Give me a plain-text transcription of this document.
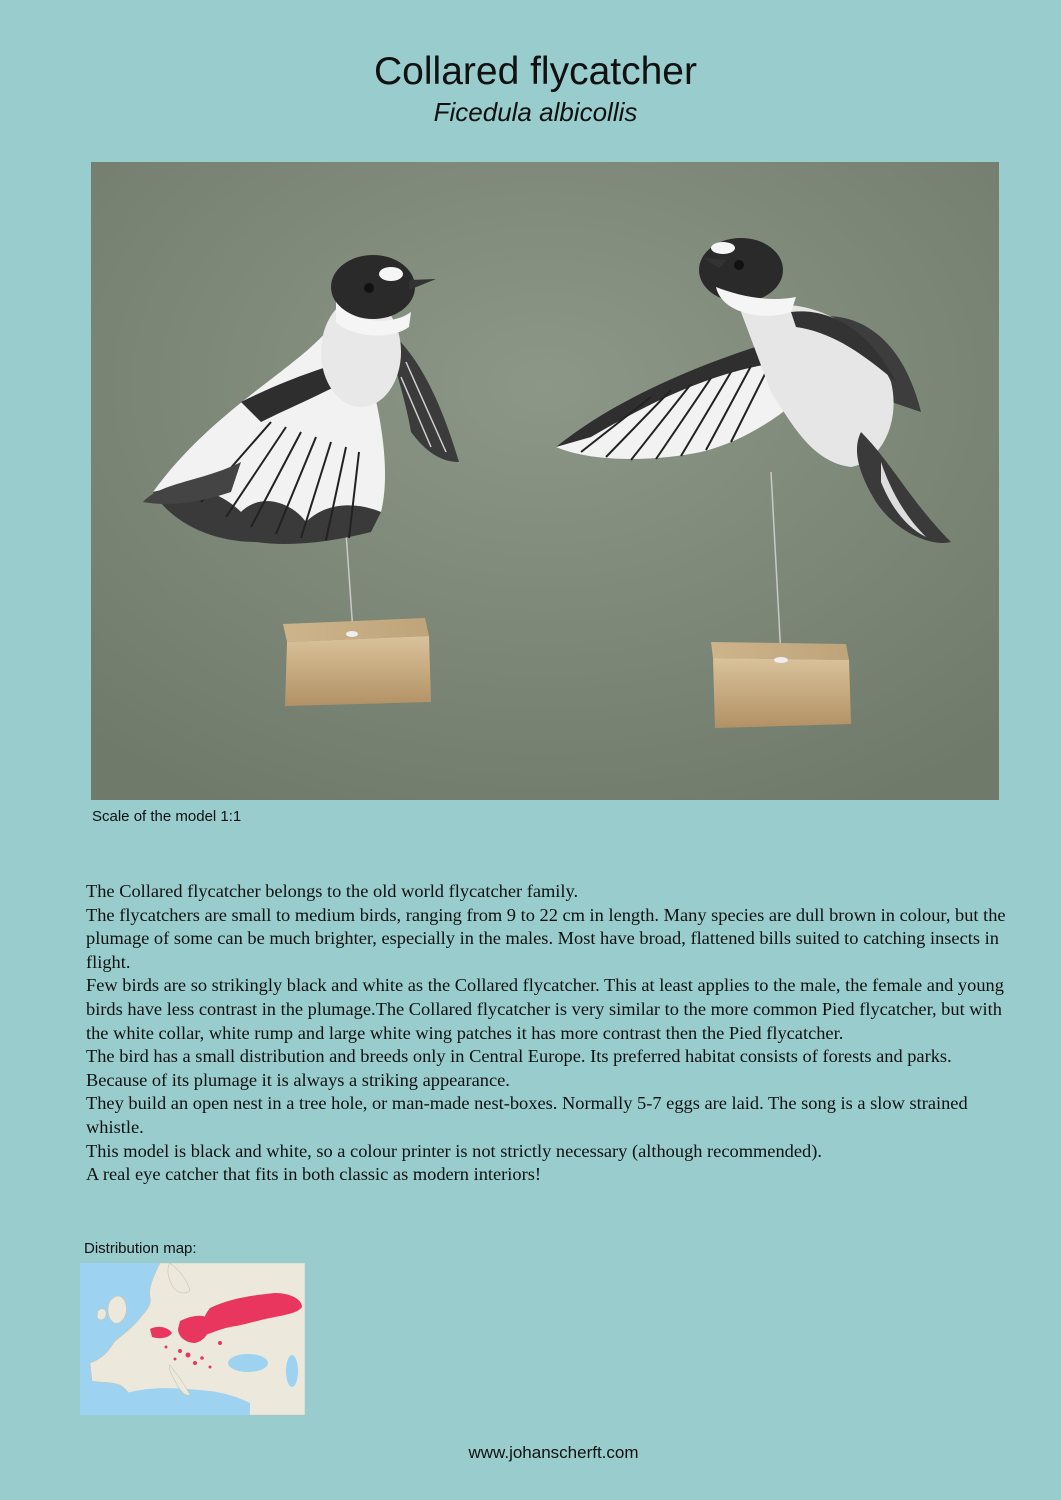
Collared flycatcher
Ficedula albicollis
Scale of the model 1:1

The Collared flycatcher belongs to the old world flycatcher family.

The flycatchers are small to medium birds, ranging from 9 to 22 cm in length. Many species are dull brown in colour, but the plumage of some can be much brighter, especially in the males. Most have broad, flattened bills suited to catching insects in flight.

Few birds are so strikingly black and white as the Collared flycatcher. This at least applies to the male, the female and young birds have less contrast in the plumage.The Collared flycatcher is very similar to the more common Pied flycatcher, but with the white collar, white rump and large white wing patches it has more contrast then the Pied flycatcher.

The bird has a small distribution and breeds only in Central Europe. Its preferred habitat consists of forests and parks. Because of its plumage it is always a striking appearance.

They build an open nest in a tree hole, or man-made nest-boxes. Normally 5-7 eggs are laid. The song is a slow strained whistle.

This model is black and white, so a colour printer is not strictly necessary (although recommended).

A real eye catcher that fits in both classic as modern interiors!

Distribution map:
www.johanscherft.com
